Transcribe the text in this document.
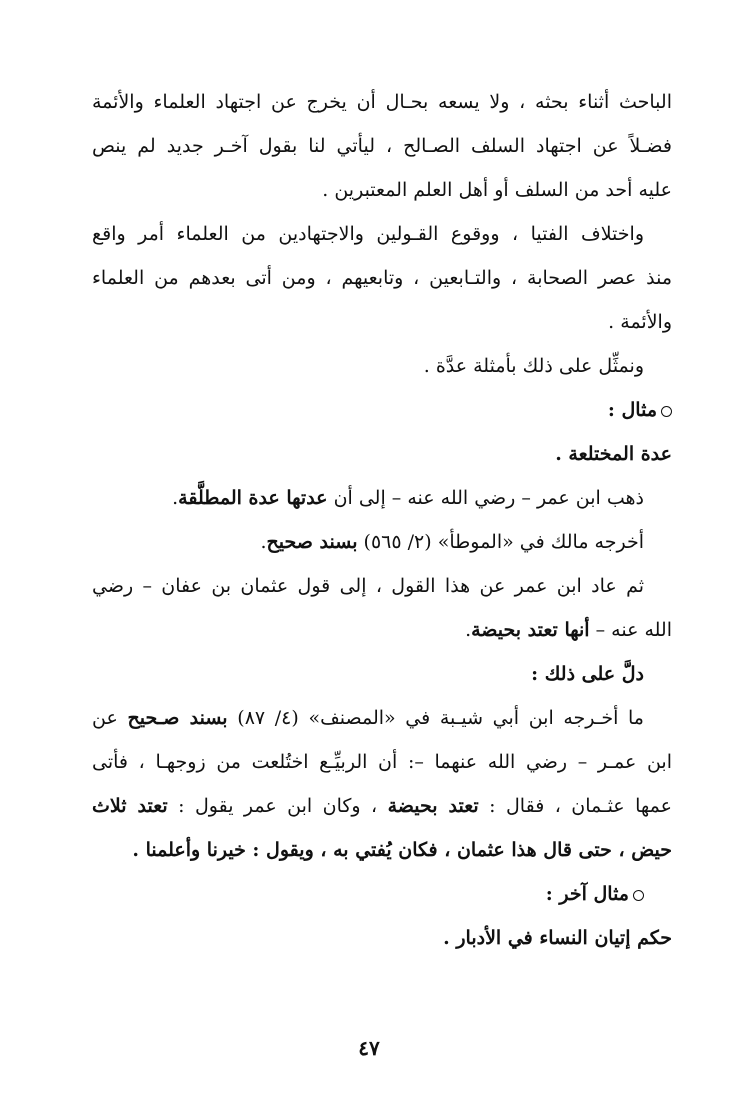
الباحث أثناء بحثه ، ولا يسعه بحـال أن يخرج عن اجتهاد العلماء والأئمة
فضـلاً عن اجتهاد السلف الصـالح ، ليأتي لنا بقول آخـر جديد لم ينص
عليه أحد من السلف أو أهل العلم المعتبرين .
واختلاف الفتيا ، ووقوع القـولين والاجتهادين من العلماء أمر واقع
منذ عصر الصحابة ، والتـابعين ، وتابعيهم ، ومن أتى بعدهم من العلماء
والأئمة .
ونمثِّل على ذلك بأمثلة عدَّة .
مثال :
عدة المختلعة .
ذهب ابن عمر – رضي الله عنه – إلى أن عدتها عدة المطلَّقة.
أخرجه مالك في «الموطأ» (٢/ ٥٦٥) بسند صحيح.
ثم عاد ابن عمر عن هذا القول ، إلى قول عثمان بن عفان – رضي
الله عنه – أنها تعتد بحيضة.
دلَّ على ذلك :
ما أخـرجه ابن أبي شيـبة في «المصنف» (٤/ ٨٧) بسند صـحيح عن
ابن عمـر – رضي الله عنهما –: أن الربيِّـع اختُلعت من زوجهـا ، فأتى
عمها عثـمان ، فقال : تعتد بحيضة ، وكان ابن عمر يقول : تعتد ثلاث
حيض ، حتى قال هذا عثمان ، فكان يُفتي به ، ويقول : خيرنا وأعلمنا .
مثال آخر :
حكم إتيان النساء في الأدبار .
٤٧
